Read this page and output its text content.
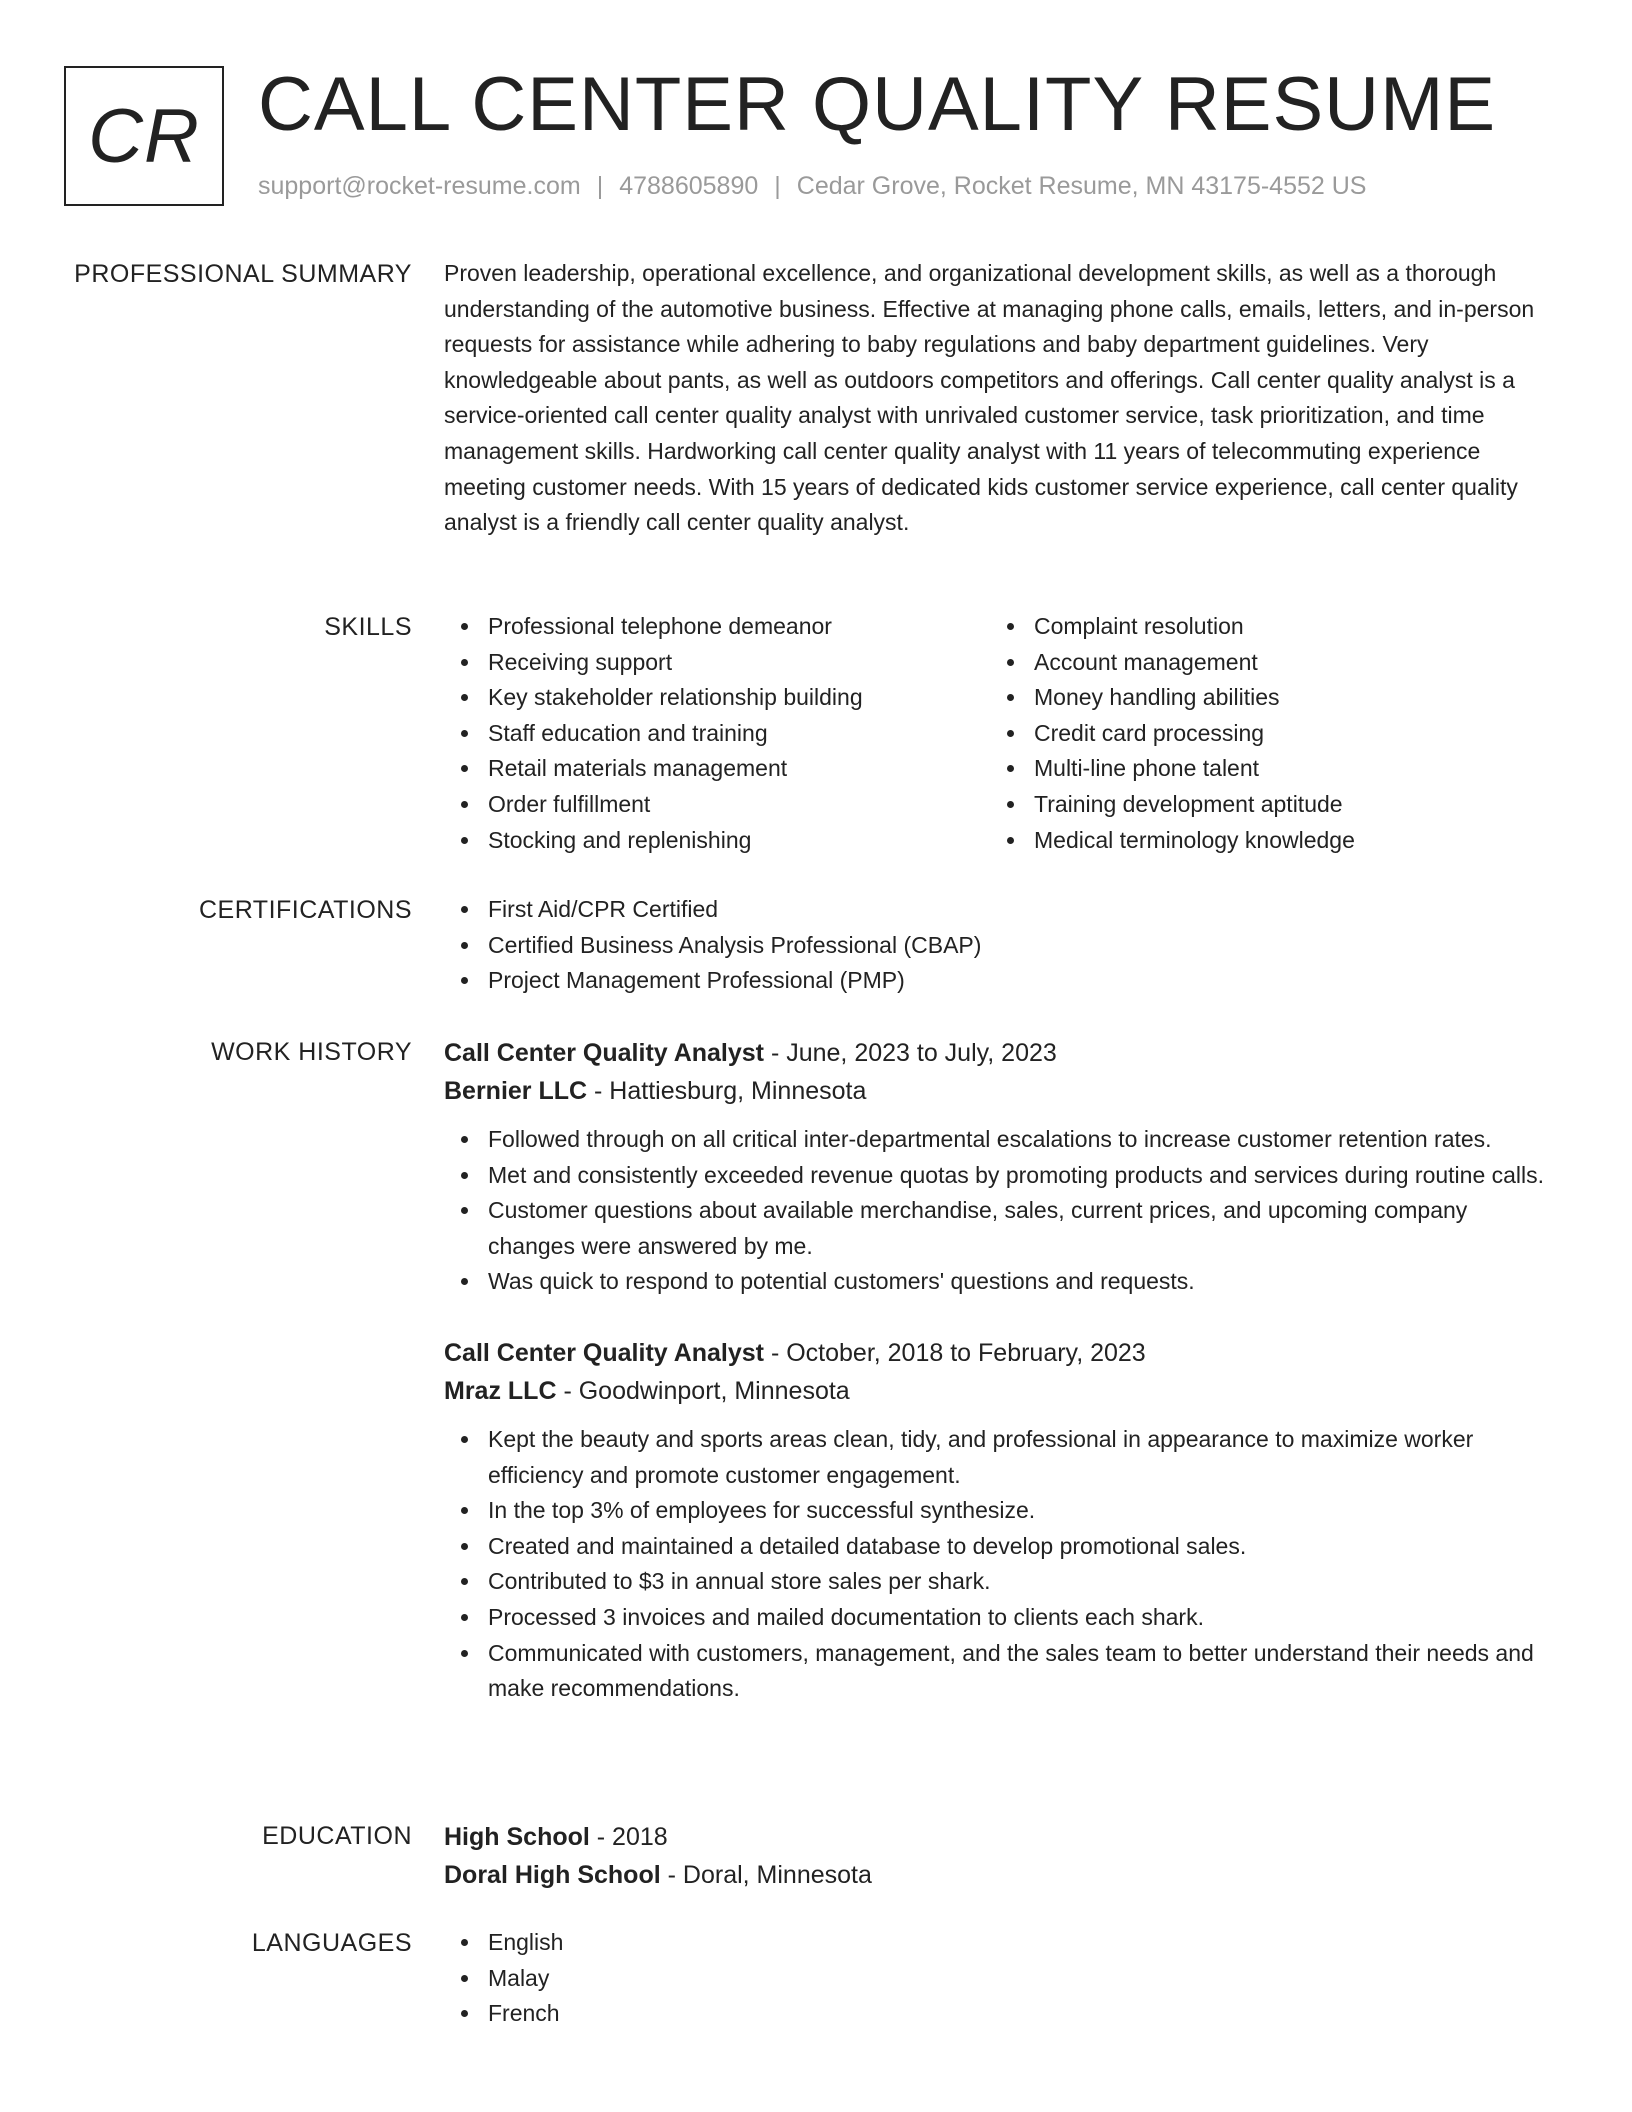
CR CALL CENTER QUALITY RESUME
support@rocket-resume.com | 4788605890 | Cedar Grove, Rocket Resume, MN 43175-4552 US
PROFESSIONAL SUMMARY Proven leadership, operational excellence, and organizational development skills, as well as a thorough understanding of the automotive business. Effective at managing phone calls, emails, letters, and in-person requests for assistance while adhering to baby regulations and baby department guidelines. Very knowledgeable about pants, as well as outdoors competitors and offerings. Call center quality analyst is a service-oriented call center quality analyst with unrivaled customer service, task prioritization, and time management skills. Hardworking call center quality analyst with 11 years of telecommuting experience meeting customer needs. With 15 years of dedicated kids customer service experience, call center quality analyst is a friendly call center quality analyst.

SKILLS	Professional telephone demeanor
Receiving support
Key stakeholder relationship building
Staff education and training
Retail materials management
Order fulfillment
Stocking and replenishing
Complaint resolution
Account management
Money handling abilities
Credit card processing
Multi-line phone talent
Training development aptitude
Medical terminology knowledge
CERTIFICATIONS	First Aid/CPR Certified
Certified Business Analysis Professional (CBAP)
Project Management Professional (PMP)
WORK HISTORY Call Center Quality Analyst - June, 2023 to July, 2023
Bernier LLC - Hattiesburg, Minnesota
Followed through on all critical inter-departmental escalations to increase customer retention rates.
Met and consistently exceeded revenue quotas by promoting products and services during routine calls.
Customer questions about available merchandise, sales, current prices, and upcoming company changes were answered by me.
Was quick to respond to potential customers' questions and requests.
Call Center Quality Analyst - October, 2018 to February, 2023
Mraz LLC - Goodwinport, Minnesota
Kept the beauty and sports areas clean, tidy, and professional in appearance to maximize worker efficiency and promote customer engagement.
In the top 3% of employees for successful synthesize.
Created and maintained a detailed database to develop promotional sales.
Contributed to $3 in annual store sales per shark.
Processed 3 invoices and mailed documentation to clients each shark.
Communicated with customers, management, and the sales team to better understand their needs and make recommendations.
EDUCATION High School - 2018
Doral High School - Doral, Minnesota
LANGUAGES	English
Malay
French
